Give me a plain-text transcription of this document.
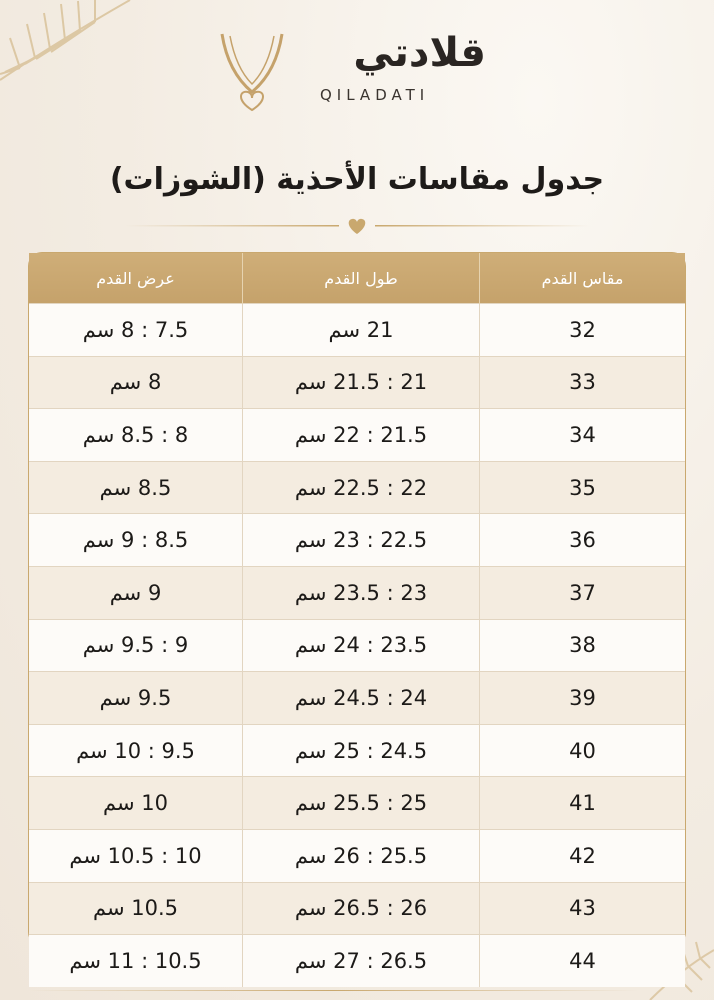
قلادتي
QILADATI
جدول مقاسات الأحذية (الشوزات)
مقاس القدم	طول القدم	عرض القدم
32	21 سم	7.5 : 8 سم
33	21 : 21.5 سم	8 سم
34	21.5 : 22 سم	8 : 8.5 سم
35	22 : 22.5 سم	8.5 سم
36	22.5 : 23 سم	8.5 : 9 سم
37	23 : 23.5 سم	9 سم
38	23.5 : 24 سم	9 : 9.5 سم
39	24 : 24.5 سم	9.5 سم
40	24.5 : 25 سم	9.5 : 10 سم
41	25 : 25.5 سم	10 سم
42	25.5 : 26 سم	10 : 10.5 سم
43	26 : 26.5 سم	10.5 سم
44	26.5 : 27 سم	10.5 : 11 سم
